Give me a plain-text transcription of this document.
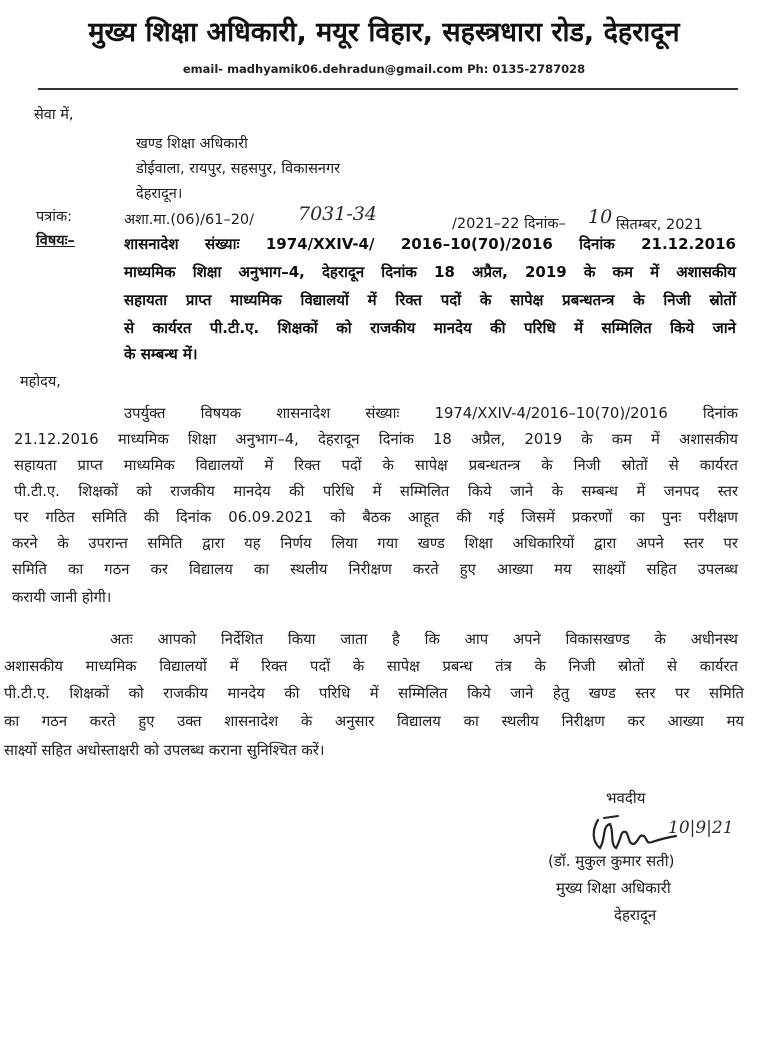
मुख्य शिक्षा अधिकारी, मयूर विहार, सहस्त्रधारा रोड, देहरादून
email- madhyamik06.dehradun@gmail.com Ph: 0135-2787028
सेवा में,
खण्ड शिक्षा अधिकारी
डोईवाला, रायपुर, सहसपुर, विकासनगर
देहरादून।
पत्रांक:	अशा.मा.(06)/61–20/ 7031-34	/2021–22 दिनांक– 10 सितम्बर, 2021
विषयः–	शासनादेश संख्याः 1974/XXIV-4/ 2016–10(70)/2016 दिनांक 21.12.2016
माध्यमिक शिक्षा अनुभाग–4, देहरादून दिनांक 18 अप्रैल, 2019 के कम में अशासकीय
सहायता प्राप्त माध्यमिक विद्यालयों में रिक्त पदों के सापेक्ष प्रबन्धतन्त्र के निजी स्रोतों
से कार्यरत पी.टी.ए. शिक्षकों को राजकीय मानदेय की परिधि में सम्मिलित किये जाने
के सम्बन्ध में।
महोदय,
उपर्युक्त विषयक शासनादेश संख्याः 1974/XXIV-4/2016–10(70)/2016 दिनांक
21.12.2016 माध्यमिक शिक्षा अनुभाग–4, देहरादून दिनांक 18 अप्रैल, 2019 के कम में अशासकीय
सहायता प्राप्त माध्यमिक विद्यालयों में रिक्त पदों के सापेक्ष प्रबन्धतन्त्र के निजी स्रोतों से कार्यरत
पी.टी.ए. शिक्षकों को राजकीय मानदेय की परिधि में सम्मिलित किये जाने के सम्बन्ध में जनपद स्तर
पर गठित समिति की दिनांक 06.09.2021 को बैठक आहूत की गई जिसमें प्रकरणों का पुनः परीक्षण
करने के उपरान्त समिति द्वारा यह निर्णय लिया गया खण्ड शिक्षा अधिकारियों द्वारा अपने स्तर पर
समिति का गठन कर विद्यालय का स्थलीय निरीक्षण करते हुए आख्या मय साक्ष्यों सहित उपलब्ध
करायी जानी होगी।
अतः आपको निर्देशित किया जाता है कि आप अपने विकासखण्ड के अधीनस्थ
अशासकीय माध्यमिक विद्यालयों में रिक्त पदों के सापेक्ष प्रबन्ध तंत्र के निजी स्रोतों से कार्यरत
पी.टी.ए. शिक्षकों को राजकीय मानदेय की परिधि में सम्मिलित किये जाने हेतु खण्ड स्तर पर समिति
का गठन करते हुए उक्त शासनादेश के अनुसार विद्यालय का स्थलीय निरीक्षण कर आख्या मय
साक्ष्यों सहित अधोस्ताक्षरी को उपलब्ध कराना सुनिश्चित करें।
भवदीय
10|9|21
(डॉ. मुकुल कुमार सती)
मुख्य शिक्षा अधिकारी
देहरादून
